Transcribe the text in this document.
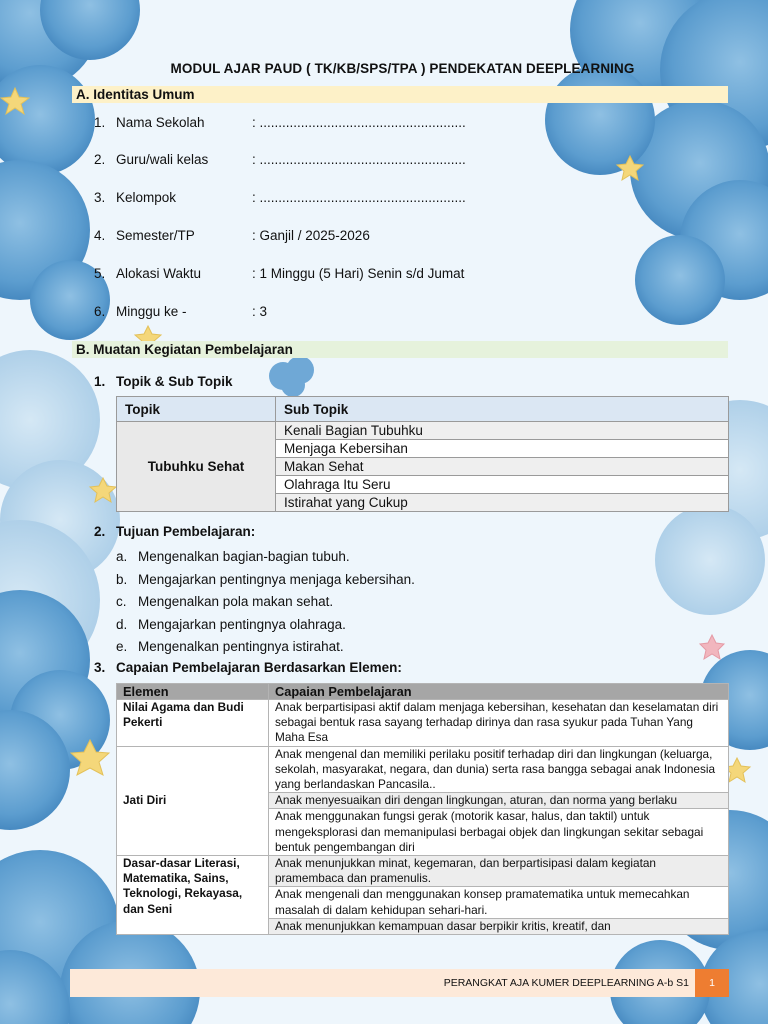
MODUL AJAR PAUD ( TK/KB/SPS/TPA ) PENDEKATAN DEEPLEARNING
A. Identitas Umum
1. Nama Sekolah	: .......................................................
2. Guru/wali kelas	: .......................................................
3. Kelompok	: .......................................................
4. Semester/TP	: Ganjil / 2025-2026
5. Alokasi Waktu	: 1 Minggu (5 Hari) Senin s/d Jumat
6. Minggu ke -	: 3
B. Muatan Kegiatan Pembelajaran
1. Topik & Sub Topik
Topik	Sub Topik
Tubuhku Sehat	Kenali Bagian Tubuhku
	Menjaga Kebersihan
	Makan Sehat
	Olahraga Itu Seru
	Istirahat yang Cukup
2. Tujuan Pembelajaran:
a. Mengenalkan bagian-bagian tubuh.
b. Mengajarkan pentingnya menjaga kebersihan.
c. Mengenalkan pola makan sehat.
d. Mengajarkan pentingnya olahraga.
e. Mengenalkan pentingnya istirahat.
3. Capaian Pembelajaran Berdasarkan Elemen:
Elemen	Capaian Pembelajaran
Nilai Agama dan Budi Pekerti	Anak berpartisipasi aktif dalam menjaga kebersihan, kesehatan dan keselamatan diri sebagai bentuk rasa sayang terhadap dirinya dan rasa syukur pada Tuhan Yang Maha Esa
Jati Diri	Anak mengenal dan memiliki perilaku positif terhadap diri dan lingkungan (keluarga, sekolah, masyarakat, negara, dan dunia) serta rasa bangga sebagai anak Indonesia yang berlandaskan Pancasila..
	Anak menyesuaikan diri dengan lingkungan, aturan, dan norma yang berlaku
	Anak menggunakan fungsi gerak (motorik kasar, halus, dan taktil) untuk mengeksplorasi dan memanipulasi berbagai objek dan lingkungan sekitar sebagai bentuk pengembangan diri
Dasar-dasar Literasi, Matematika, Sains, Teknologi, Rekayasa, dan Seni	Anak menunjukkan minat, kegemaran, dan berpartisipasi dalam kegiatan pramembaca dan pramenulis.
	Anak mengenali dan menggunakan konsep pramatematika untuk memecahkan masalah di dalam kehidupan sehari-hari.
	Anak menunjukkan kemampuan dasar berpikir kritis, kreatif, dan
PERANGKAT AJA KUMER DEEPLEARNING A-b S1	1
